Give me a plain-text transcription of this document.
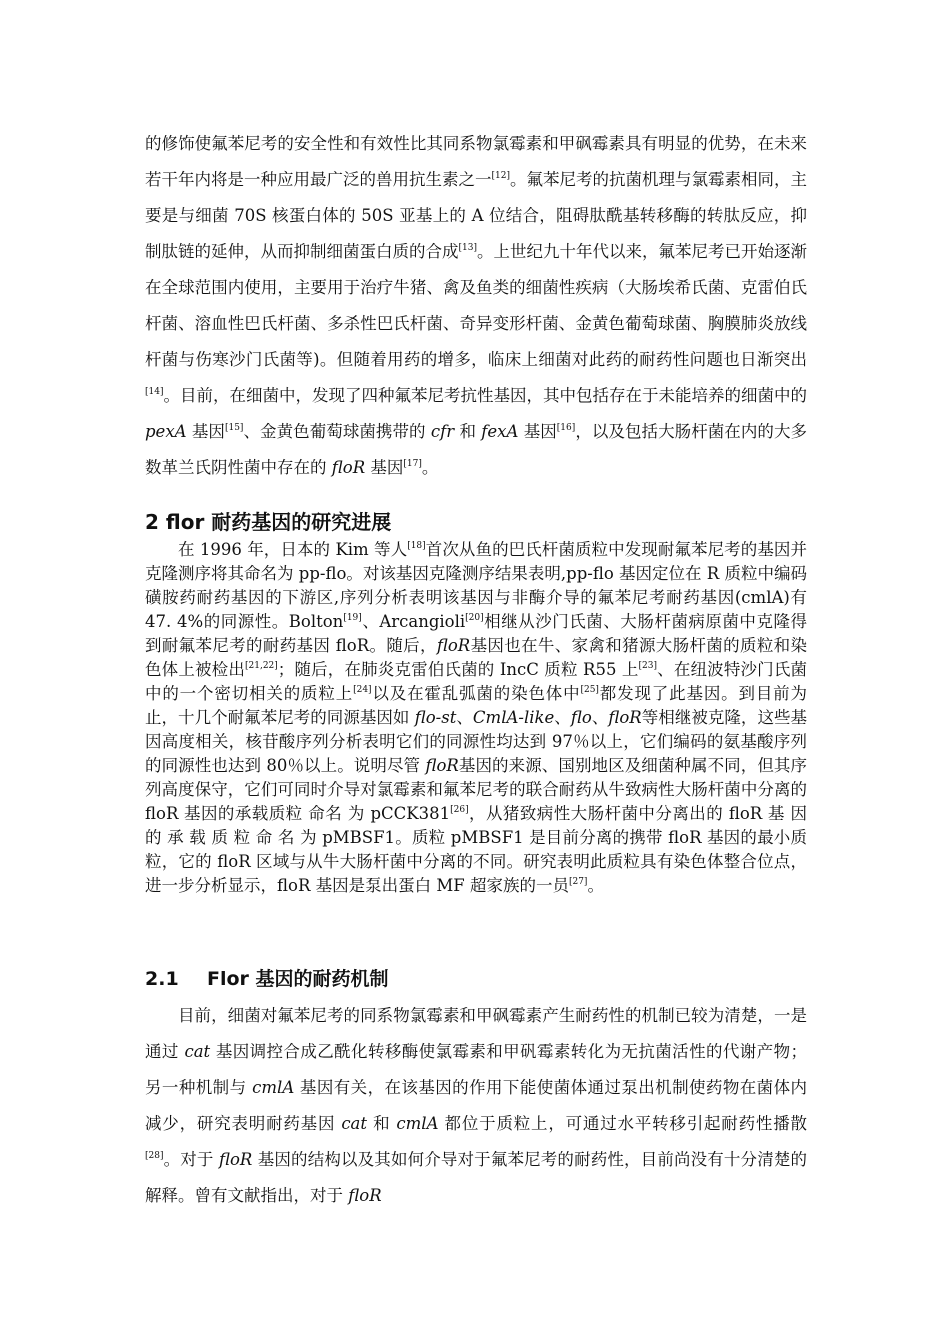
的修饰使氟苯尼考的安全性和有效性比其同系物氯霉素和甲砜霉素具有明显的优势，在未来若干年内将是一种应用最广泛的兽用抗生素之一[12]。氟苯尼考的抗菌机理与氯霉素相同，主要是与细菌 70S 核蛋白体的 50S 亚基上的 A 位结合，阻碍肽酰基转移酶的转肽反应，抑制肽链的延伸，从而抑制细菌蛋白质的合成[13]。上世纪九十年代以来，氟苯尼考已开始逐渐在全球范围内使用，主要用于治疗牛猪、禽及鱼类的细菌性疾病（大肠埃希氏菌、克雷伯氏杆菌、溶血性巴氏杆菌、多杀性巴氏杆菌、奇异变形杆菌、金黄色葡萄球菌、胸膜肺炎放线杆菌与伤寒沙门氏菌等)。但随着用药的增多，临床上细菌对此药的耐药性问题也日渐突出[14]。目前，在细菌中，发现了四种氟苯尼考抗性基因，其中包括存在于未能培养的细菌中的 pexA 基因[15]、金黄色葡萄球菌携带的 cfr 和 fexA 基因[16]，以及包括大肠杆菌在内的大多数革兰氏阴性菌中存在的 floR 基因[17]。

2 flor 耐药基因的研究进展

在 1996 年，日本的 Kim 等人[18]首次从鱼的巴氏杆菌质粒中发现耐氟苯尼考的基因并克隆测序将其命名为 pp-flo。对该基因克隆测序结果表明,pp-flo 基因定位在 R 质粒中编码磺胺药耐药基因的下游区,序列分析表明该基因与非酶介导的氟苯尼考耐药基因(cmlA)有 47. 4%的同源性。Bolton[19]、Arcangioli[20]相继从沙门氏菌、大肠杆菌病原菌中克隆得到耐氟苯尼考的耐药基因 floR。随后，floR基因也在牛、家禽和猪源大肠杆菌的质粒和染色体上被检出[21,22]；随后，在肺炎克雷伯氏菌的 IncC 质粒 R55 上[23]、在纽波特沙门氏菌中的一个密切相关的质粒上[24]以及在霍乱弧菌的染色体中[25]都发现了此基因。到目前为止，十几个耐氟苯尼考的同源基因如 flo-st、CmlA-like、flo、floR等相继被克隆，这些基因高度相关，核苷酸序列分析表明它们的同源性均达到 97％以上，它们编码的氨基酸序列的同源性也达到 80％以上。说明尽管 floR基因的来源、国别地区及细菌种属不同，但其序列高度保守，它们可同时介导对氯霉素和氟苯尼考的联合耐药从牛致病性大肠杆菌中分离的 floR 基因的承载质粒 命名 为 pCCK381[26]，从猪致病性大肠杆菌中分离出的 floR 基 因 的 承 载 质 粒 命 名 为 pMBSF1。质粒 pMBSF1 是目前分离的携带 floR 基因的最小质粒，它的 floR 区域与从牛大肠杆菌中分离的不同。研究表明此质粒具有染色体整合位点，进一步分析显示，floR 基因是泵出蛋白 MF 超家族的一员[27]。

2.1 Flor 基因的耐药机制

目前，细菌对氟苯尼考的同系物氯霉素和甲砜霉素产生耐药性的机制已较为清楚，一是通过 cat 基因调控合成乙酰化转移酶使氯霉素和甲矾霉素转化为无抗菌活性的代谢产物；另一种机制与 cmlA 基因有关，在该基因的作用下能使菌体通过泵出机制使药物在菌体内减少，研究表明耐药基因 cat 和 cmlA 都位于质粒上，可通过水平转移引起耐药性播散[28]。对于 floR 基因的结构以及其如何介导对于氟苯尼考的耐药性，目前尚没有十分清楚的解释。曾有文献指出，对于 floR
